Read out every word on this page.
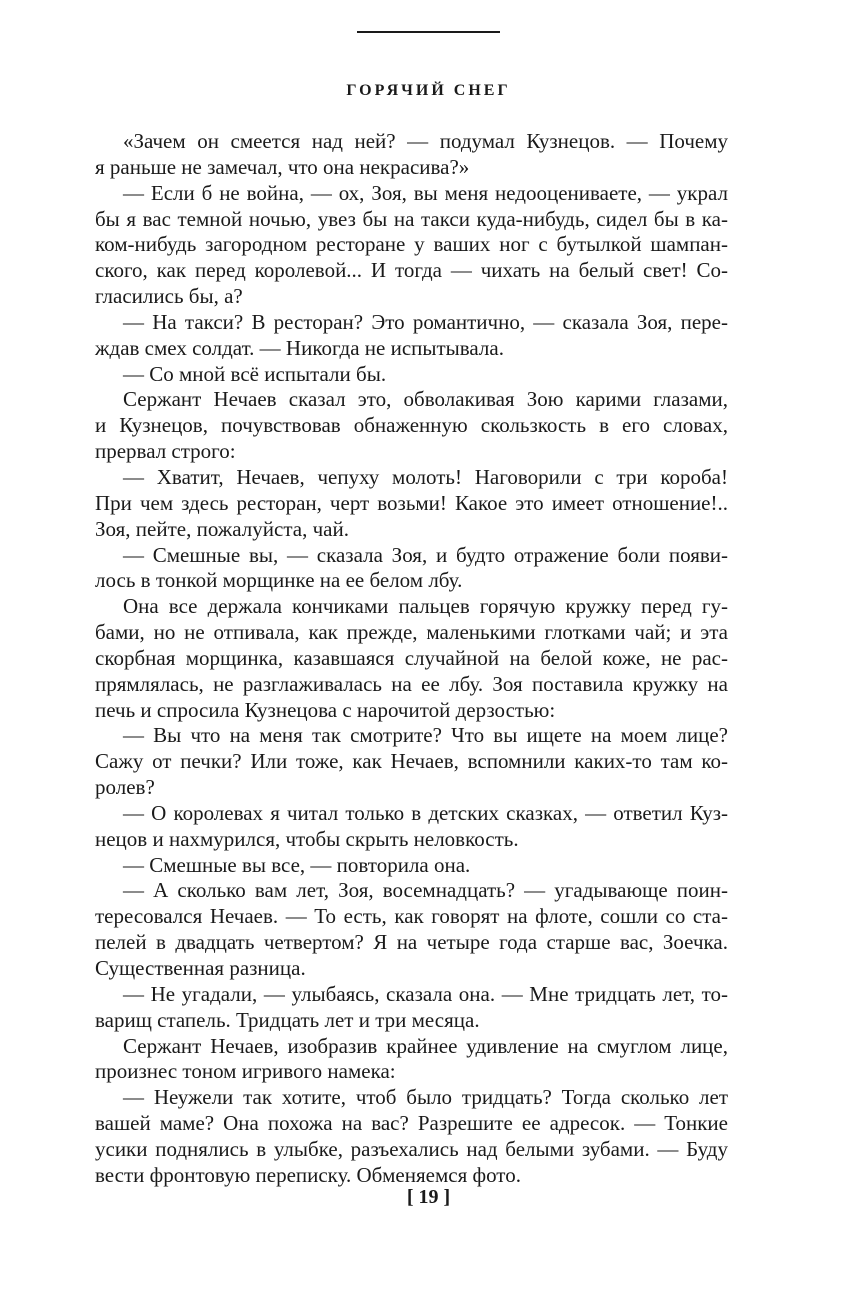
ГОРЯЧИЙ СНЕГ
«Зачем он смеется над ней? — подумал Кузнецов. — Почему
я раньше не замечал, что она некрасива?»
— Если б не война, — ох, Зоя, вы меня недооцениваете, — украл
бы я вас темной ночью, увез бы на такси куда-нибудь, сидел бы в ка-
ком-нибудь загородном ресторане у ваших ног с бутылкой шампан-
ского, как перед королевой... И тогда — чихать на белый свет! Со-
гласились бы, а?
— На такси? В ресторан? Это романтично, — сказала Зоя, пере-
ждав смех солдат. — Никогда не испытывала.
— Со мной всё испытали бы.
Сержант Нечаев сказал это, обволакивая Зою карими глазами,
и Кузнецов, почувствовав обнаженную скользкость в его словах,
прервал строго:
— Хватит, Нечаев, чепуху молоть! Наговорили с три короба!
При чем здесь ресторан, черт возьми! Какое это имеет отношение!..
Зоя, пейте, пожалуйста, чай.
— Смешные вы, — сказала Зоя, и будто отражение боли появи-
лось в тонкой морщинке на ее белом лбу.
Она все держала кончиками пальцев горячую кружку перед гу-
бами, но не отпивала, как прежде, маленькими глотками чай; и эта
скорбная морщинка, казавшаяся случайной на белой коже, не рас-
прямлялась, не разглаживалась на ее лбу. Зоя поставила кружку на
печь и спросила Кузнецова с нарочитой дерзостью:
— Вы что на меня так смотрите? Что вы ищете на моем лице?
Сажу от печки? Или тоже, как Нечаев, вспомнили каких-то там ко-
ролев?
— О королевах я читал только в детских сказках, — ответил Куз-
нецов и нахмурился, чтобы скрыть неловкость.
— Смешные вы все, — повторила она.
— А сколько вам лет, Зоя, восемнадцать? — угадывающе поин-
тересовался Нечаев. — То есть, как говорят на флоте, сошли со ста-
пелей в двадцать четвертом? Я на четыре года старше вас, Зоечка.
Существенная разница.
— Не угадали, — улыбаясь, сказала она. — Мне тридцать лет, то-
варищ стапель. Тридцать лет и три месяца.
Сержант Нечаев, изобразив крайнее удивление на смуглом лице,
произнес тоном игривого намека:
— Неужели так хотите, чтоб было тридцать? Тогда сколько лет
вашей маме? Она похожа на вас? Разрешите ее адресок. — Тонкие
усики поднялись в улыбке, разъехались над белыми зубами. — Буду
вести фронтовую переписку. Обменяемся фото.
[ 19 ]
